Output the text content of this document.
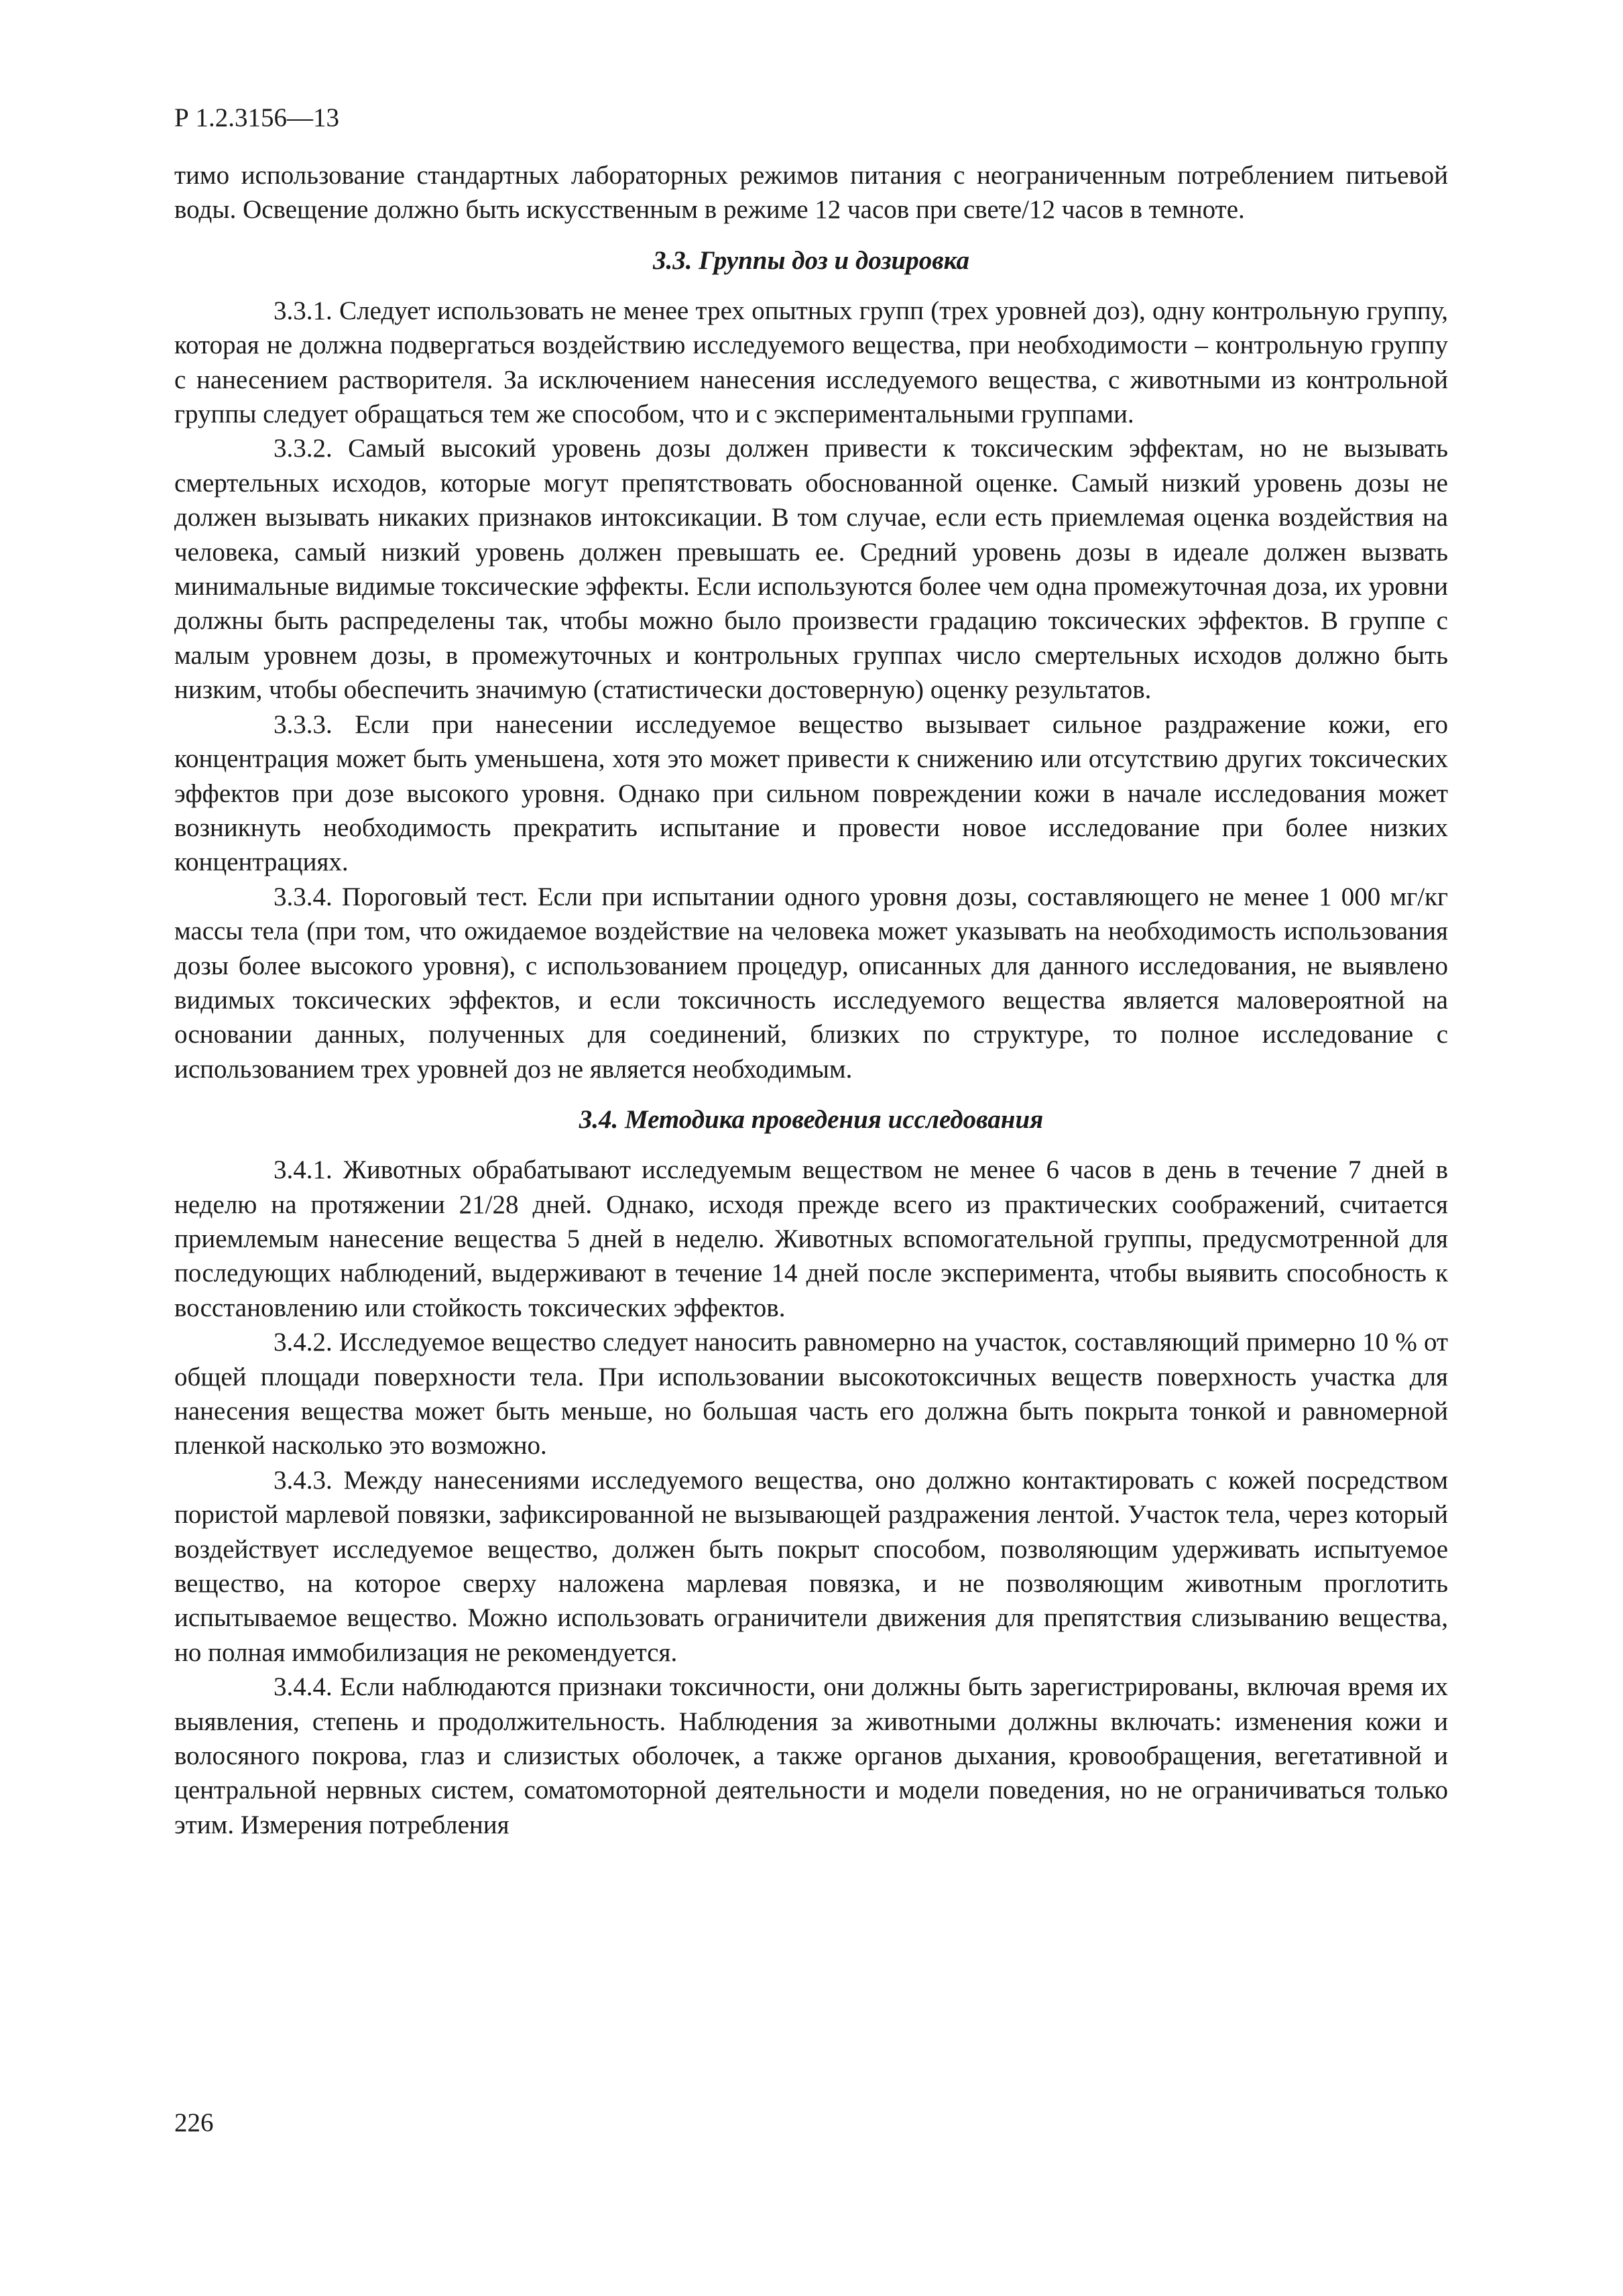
Р 1.2.3156—13

тимо использование стандартных лабораторных режимов питания с неограниченным потреблением питьевой воды. Освещение должно быть искусственным в режиме 12 часов при свете/12 часов в темноте.

3.3. Группы доз и дозировка

3.3.1. Следует использовать не менее трех опытных групп (трех уровней доз), одну контрольную группу, которая не должна подвергаться воздействию исследуемого вещества, при необходимости – контрольную группу с нанесением растворителя. За исключением нанесения исследуемого вещества, с животными из контрольной группы следует обращаться тем же способом, что и с экспериментальными группами.

3.3.2. Самый высокий уровень дозы должен привести к токсическим эффектам, но не вызывать смертельных исходов, которые могут препятствовать обоснованной оценке. Самый низкий уровень дозы не должен вызывать никаких признаков интоксикации. В том случае, если есть приемлемая оценка воздействия на человека, самый низкий уровень должен превышать ее. Средний уровень дозы в идеале должен вызвать минимальные видимые токсические эффекты. Если используются более чем одна промежуточная доза, их уровни должны быть распределены так, чтобы можно было произвести градацию токсических эффектов. В группе с малым уровнем дозы, в промежуточных и контрольных группах число смертельных исходов должно быть низким, чтобы обеспечить значимую (статистически достоверную) оценку результатов.

3.3.3. Если при нанесении исследуемое вещество вызывает сильное раздражение кожи, его концентрация может быть уменьшена, хотя это может привести к снижению или отсутствию других токсических эффектов при дозе высокого уровня. Однако при сильном повреждении кожи в начале исследования может возникнуть необходимость прекратить испытание и провести новое исследование при более низких концентрациях.

3.3.4. Пороговый тест. Если при испытании одного уровня дозы, составляющего не менее 1 000 мг/кг массы тела (при том, что ожидаемое воздействие на человека может указывать на необходимость использования дозы более высокого уровня), с использованием процедур, описанных для данного исследования, не выявлено видимых токсических эффектов, и если токсичность исследуемого вещества является маловероятной на основании данных, полученных для соединений, близких по структуре, то полное исследование с использованием трех уровней доз не является необходимым.

3.4. Методика проведения исследования

3.4.1. Животных обрабатывают исследуемым веществом не менее 6 часов в день в течение 7 дней в неделю на протяжении 21/28 дней. Однако, исходя прежде всего из практических соображений, считается приемлемым нанесение вещества 5 дней в неделю. Животных вспомогательной группы, предусмотренной для последующих наблюдений, выдерживают в течение 14 дней после эксперимента, чтобы выявить способность к восстановлению или стойкость токсических эффектов.

3.4.2. Исследуемое вещество следует наносить равномерно на участок, составляющий примерно 10 % от общей площади поверхности тела. При использовании высокотоксичных веществ поверхность участка для нанесения вещества может быть меньше, но большая часть его должна быть покрыта тонкой и равномерной пленкой насколько это возможно.

3.4.3. Между нанесениями исследуемого вещества, оно должно контактировать с кожей посредством пористой марлевой повязки, зафиксированной не вызывающей раздражения лентой. Участок тела, через который воздействует исследуемое вещество, должен быть покрыт способом, позволяющим удерживать испытуемое вещество, на которое сверху наложена марлевая повязка, и не позволяющим животным проглотить испытываемое вещество. Можно использовать ограничители движения для препятствия слизыванию вещества, но полная иммобилизация не рекомендуется.

3.4.4. Если наблюдаются признаки токсичности, они должны быть зарегистрированы, включая время их выявления, степень и продолжительность. Наблюдения за животными должны включать: изменения кожи и волосяного покрова, глаз и слизистых оболочек, а также органов дыхания, кровообращения, вегетативной и центральной нервных систем, соматомоторной деятельности и модели поведения, но не ограничиваться только этим. Измерения потребления

226
